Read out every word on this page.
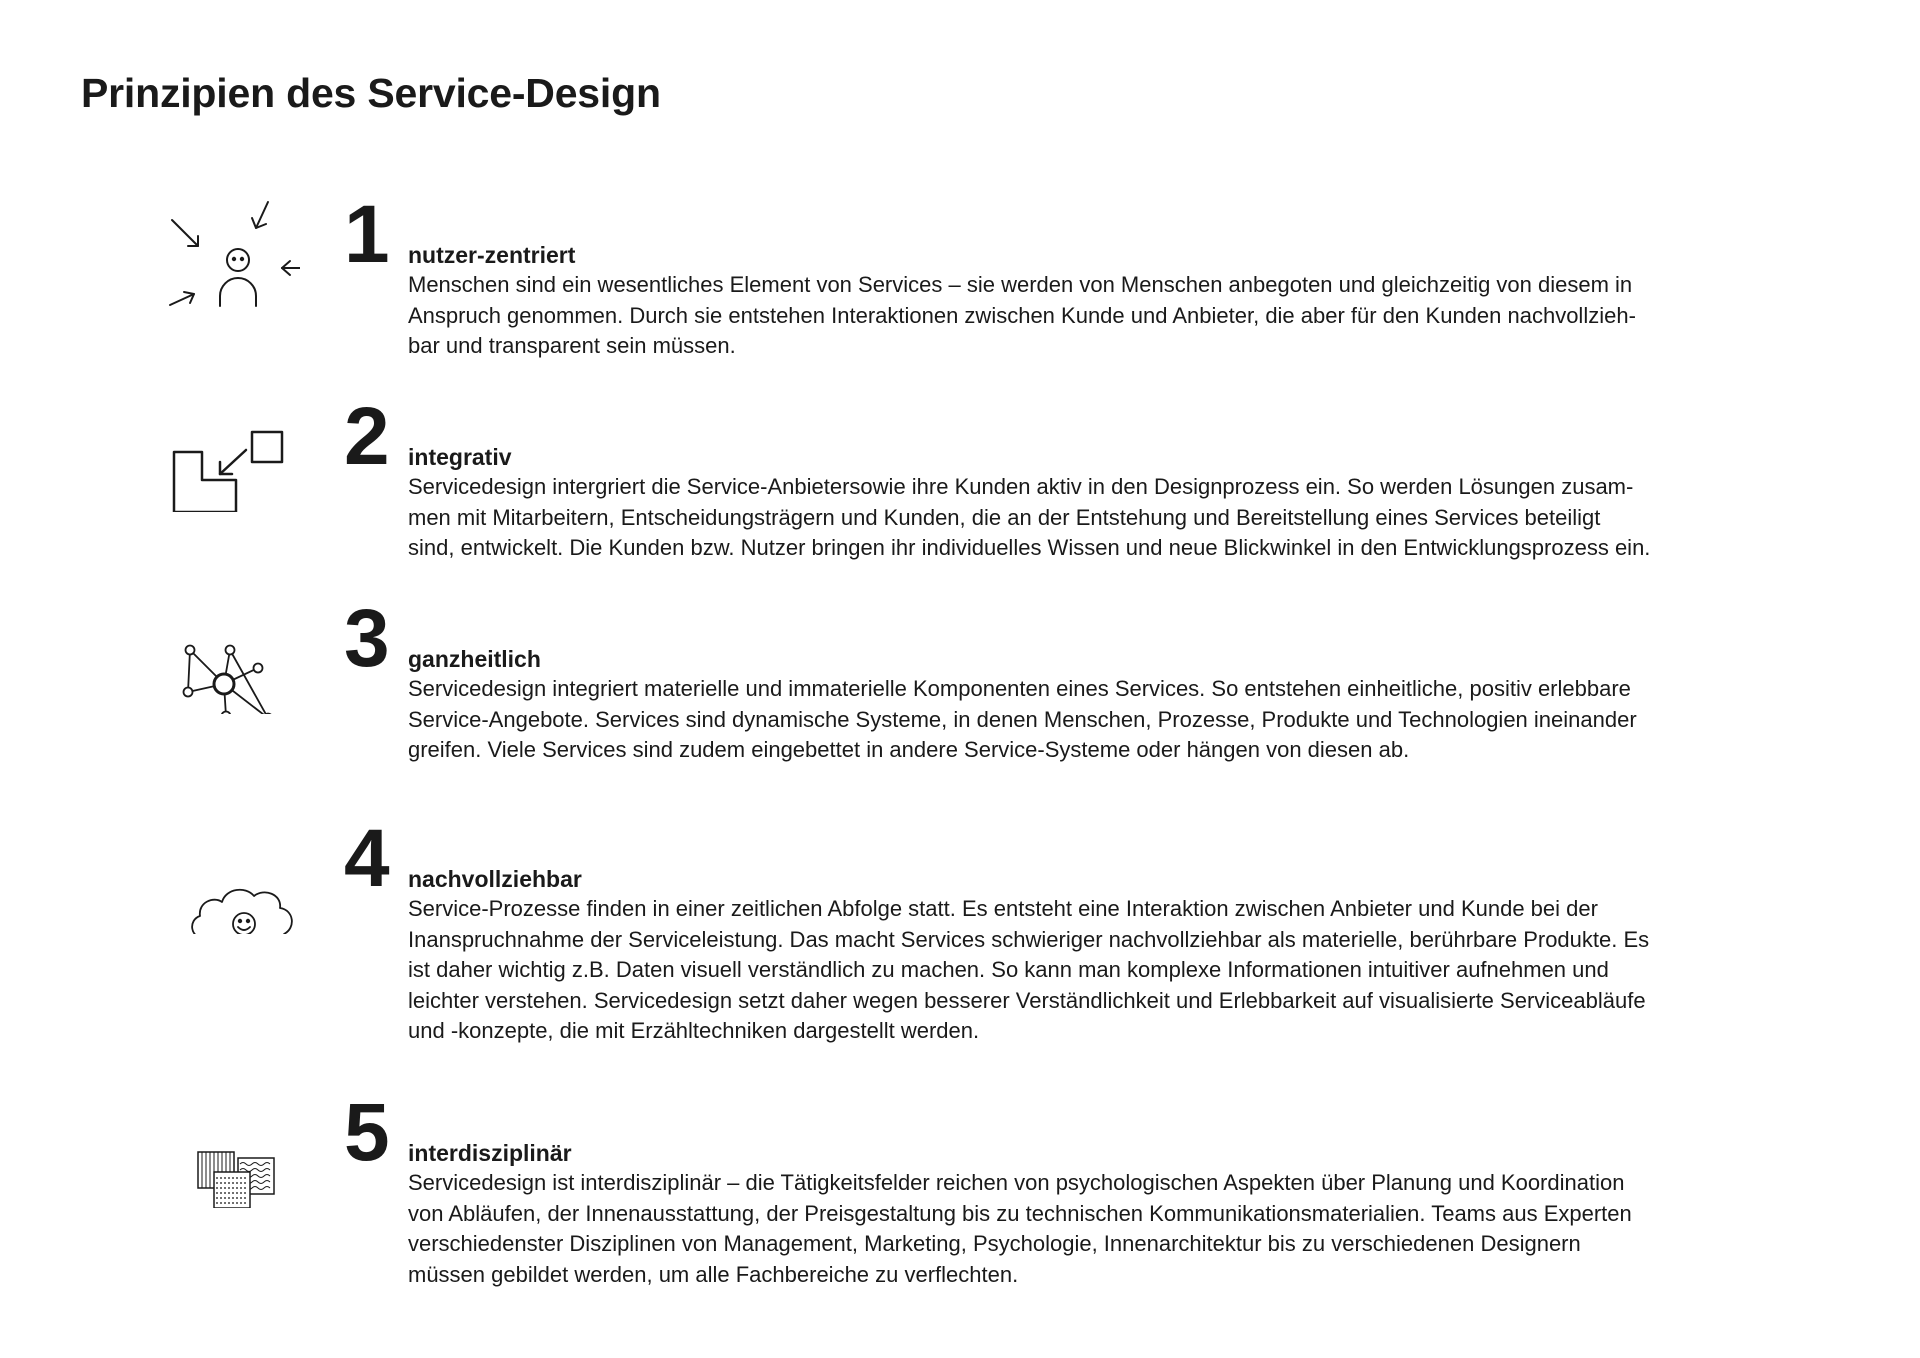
Prinzipien des Service-Design
1 nutzer-zentriert
Menschen sind ein wesentliches Element von Services – sie werden von Menschen anbegoten und gleichzeitig von diesem in
Anspruch genommen. Durch sie entstehen Interaktionen zwischen Kunde und Anbieter, die aber für den Kunden nachvollzieh-
bar und transparent sein müssen.
2 integrativ
Servicedesign intergriert die Service-Anbietersowie ihre Kunden aktiv in den Designprozess ein. So werden Lösungen zusam-
men mit Mitarbeitern, Entscheidungsträgern und Kunden, die an der Entstehung und Bereitstellung eines Services beteiligt
sind, entwickelt. Die Kunden bzw. Nutzer bringen ihr individuelles Wissen und neue Blickwinkel in den Entwicklungsprozess ein.
3 ganzheitlich
Servicedesign integriert materielle und immaterielle Komponenten eines Services. So entstehen einheitliche, positiv erlebbare
Service-Angebote. Services sind dynamische Systeme, in denen Menschen, Prozesse, Produkte und Technologien ineinander
greifen. Viele Services sind zudem eingebettet in andere Service-Systeme oder hängen von diesen ab.
4 nachvollziehbar
Service-Prozesse finden in einer zeitlichen Abfolge statt. Es entsteht eine Interaktion zwischen Anbieter und Kunde bei der
Inanspruchnahme der Serviceleistung. Das macht Services schwieriger nachvollziehbar als materielle, berührbare Produkte. Es
ist daher wichtig z.B. Daten visuell verständlich zu machen. So kann man komplexe Informationen intuitiver aufnehmen und
leichter verstehen. Servicedesign setzt daher wegen besserer Verständlichkeit und Erlebbarkeit auf visualisierte Serviceabläufe
und -konzepte, die mit Erzähltechniken dargestellt werden.
5 interdisziplinär
Servicedesign ist interdisziplinär – die Tätigkeitsfelder reichen von psychologischen Aspekten über Planung und Koordination
von Abläufen, der Innenausstattung, der Preisgestaltung bis zu technischen Kommunikationsmaterialien. Teams aus Experten
verschiedenster Disziplinen von Management, Marketing, Psychologie, Innenarchitektur bis zu verschiedenen Designern
müssen gebildet werden, um alle Fachbereiche zu verflechten.
